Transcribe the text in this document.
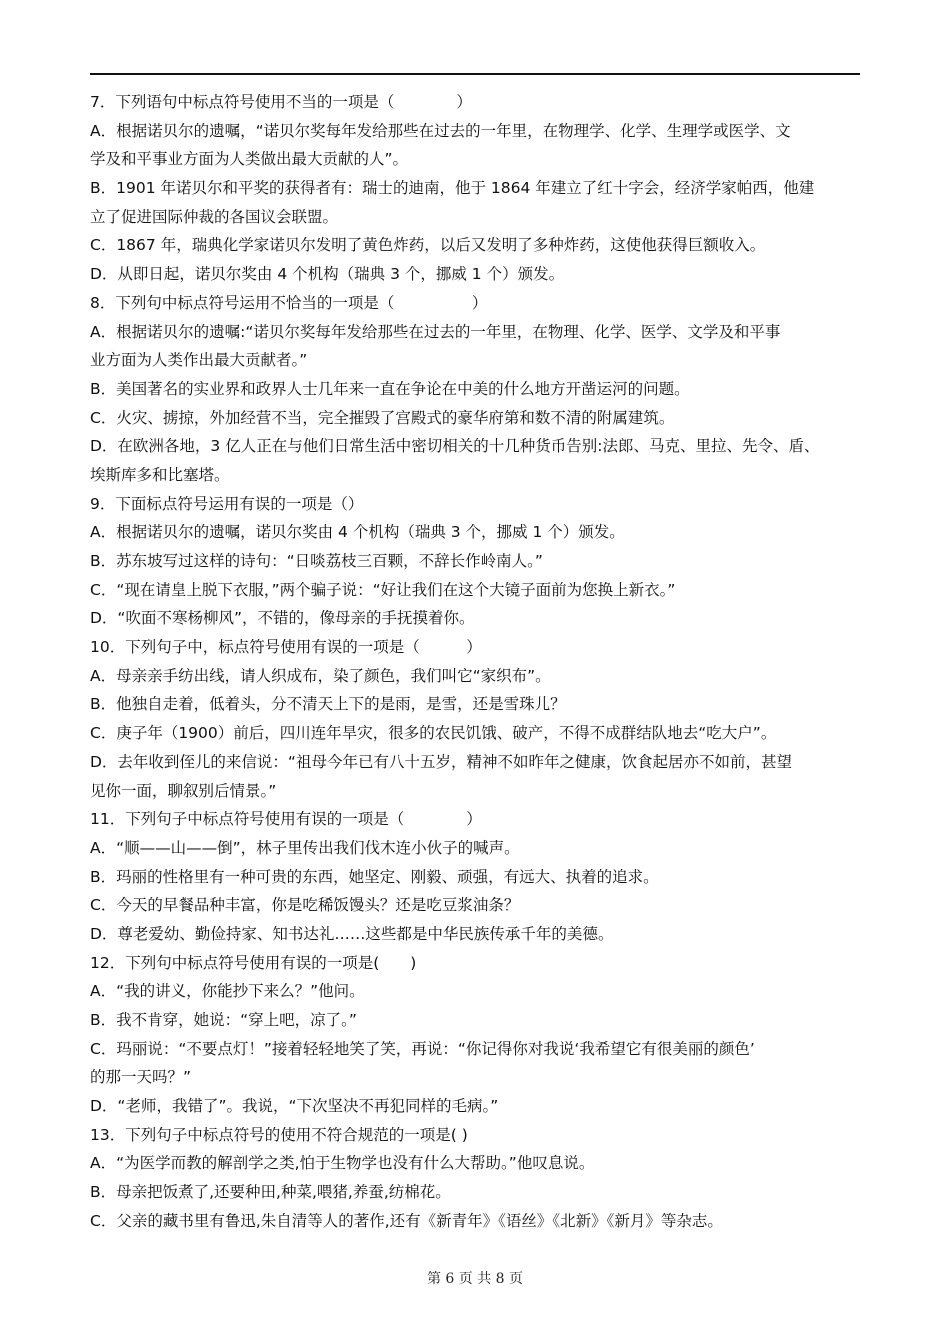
7．下列语句中标点符号使用不当的一项是（　　　　）
A．根据诺贝尔的遗嘱，“诺贝尔奖每年发给那些在过去的一年里，在物理学、化学、生理学或医学、文
学及和平事业方面为人类做出最大贡献的人”。
B．1901 年诺贝尔和平奖的获得者有：瑞士的迪南，他于 1864 年建立了红十字会，经济学家帕西，他建
立了促进国际仲裁的各国议会联盟。
C．1867 年，瑞典化学家诺贝尔发明了黄色炸药，以后又发明了多种炸药，这使他获得巨额收入。
D．从即日起，诺贝尔奖由 4 个机构（瑞典 3 个，挪威 1 个）颁发。
8．下列句中标点符号运用不恰当的一项是（　　　　　）
A．根据诺贝尔的遗嘱:“诺贝尔奖每年发给那些在过去的一年里，在物理、化学、医学、文学及和平事
业方面为人类作出最大贡献者。”
B．美国著名的实业界和政界人士几年来一直在争论在中美的什么地方开凿运河的问题。
C．火灾、掳掠，外加经营不当，完全摧毁了宫殿式的豪华府第和数不清的附属建筑。
D．在欧洲各地，3 亿人正在与他们日常生活中密切相关的十几种货币告别:法郎、马克、里拉、先令、盾、
埃斯库多和比塞塔。
9．下面标点符号运用有误的一项是（）
A．根据诺贝尔的遗嘱，诺贝尔奖由 4 个机构（瑞典 3 个，挪威 1 个）颁发。
B．苏东坡写过这样的诗句：“日啖荔枝三百颗，不辞长作岭南人。”
C．“现在请皇上脱下衣服，”两个骗子说：“好让我们在这个大镜子面前为您换上新衣。”
D．“吹面不寒杨柳风”，不错的，像母亲的手抚摸着你。
10．下列句子中，标点符号使用有误的一项是（　　　）
A．母亲亲手纺出线，请人织成布，染了颜色，我们叫它“家织布”。
B．他独自走着，低着头，分不清天上下的是雨，是雪，还是雪珠儿？
C．庚子年（1900）前后，四川连年旱灾，很多的农民饥饿、破产，不得不成群结队地去“吃大户”。
D．去年收到侄儿的来信说：“祖母今年已有八十五岁，精神不如昨年之健康，饮食起居亦不如前，甚望
见你一面，聊叙别后情景。”
11．下列句子中标点符号使用有误的一项是（　　　　）
A．“顺——山——倒”，林子里传出我们伐木连小伙子的喊声。
B．玛丽的性格里有一种可贵的东西，她坚定、刚毅、顽强，有远大、执着的追求。
C．今天的早餐品种丰富，你是吃稀饭馒头？还是吃豆浆油条？
D．尊老爱幼、勤俭持家、知书达礼……这些都是中华民族传承千年的美德。
12．下列句中标点符号使用有误的一项是(　　)
A．“我的讲义，你能抄下来么？”他问。
B．我不肯穿，她说：“穿上吧，凉了。”
C．玛丽说：“不要点灯！”接着轻轻地笑了笑，再说：“你记得你对我说‘我希望它有很美丽的颜色’
的那一天吗？”
D．“老师，我错了”。我说，“下次坚决不再犯同样的毛病。”
13．下列句子中标点符号的使用不符合规范的一项是( )
A．“为医学而教的解剖学之类,怕于生物学也没有什么大帮助。”他叹息说。
B．母亲把饭煮了,还要种田,种菜,喂猪,养蚕,纺棉花。
C．父亲的藏书里有鲁迅,朱自清等人的著作,还有《新青年》《语丝》《北新》《新月》等杂志。
第 6 页 共 8 页
